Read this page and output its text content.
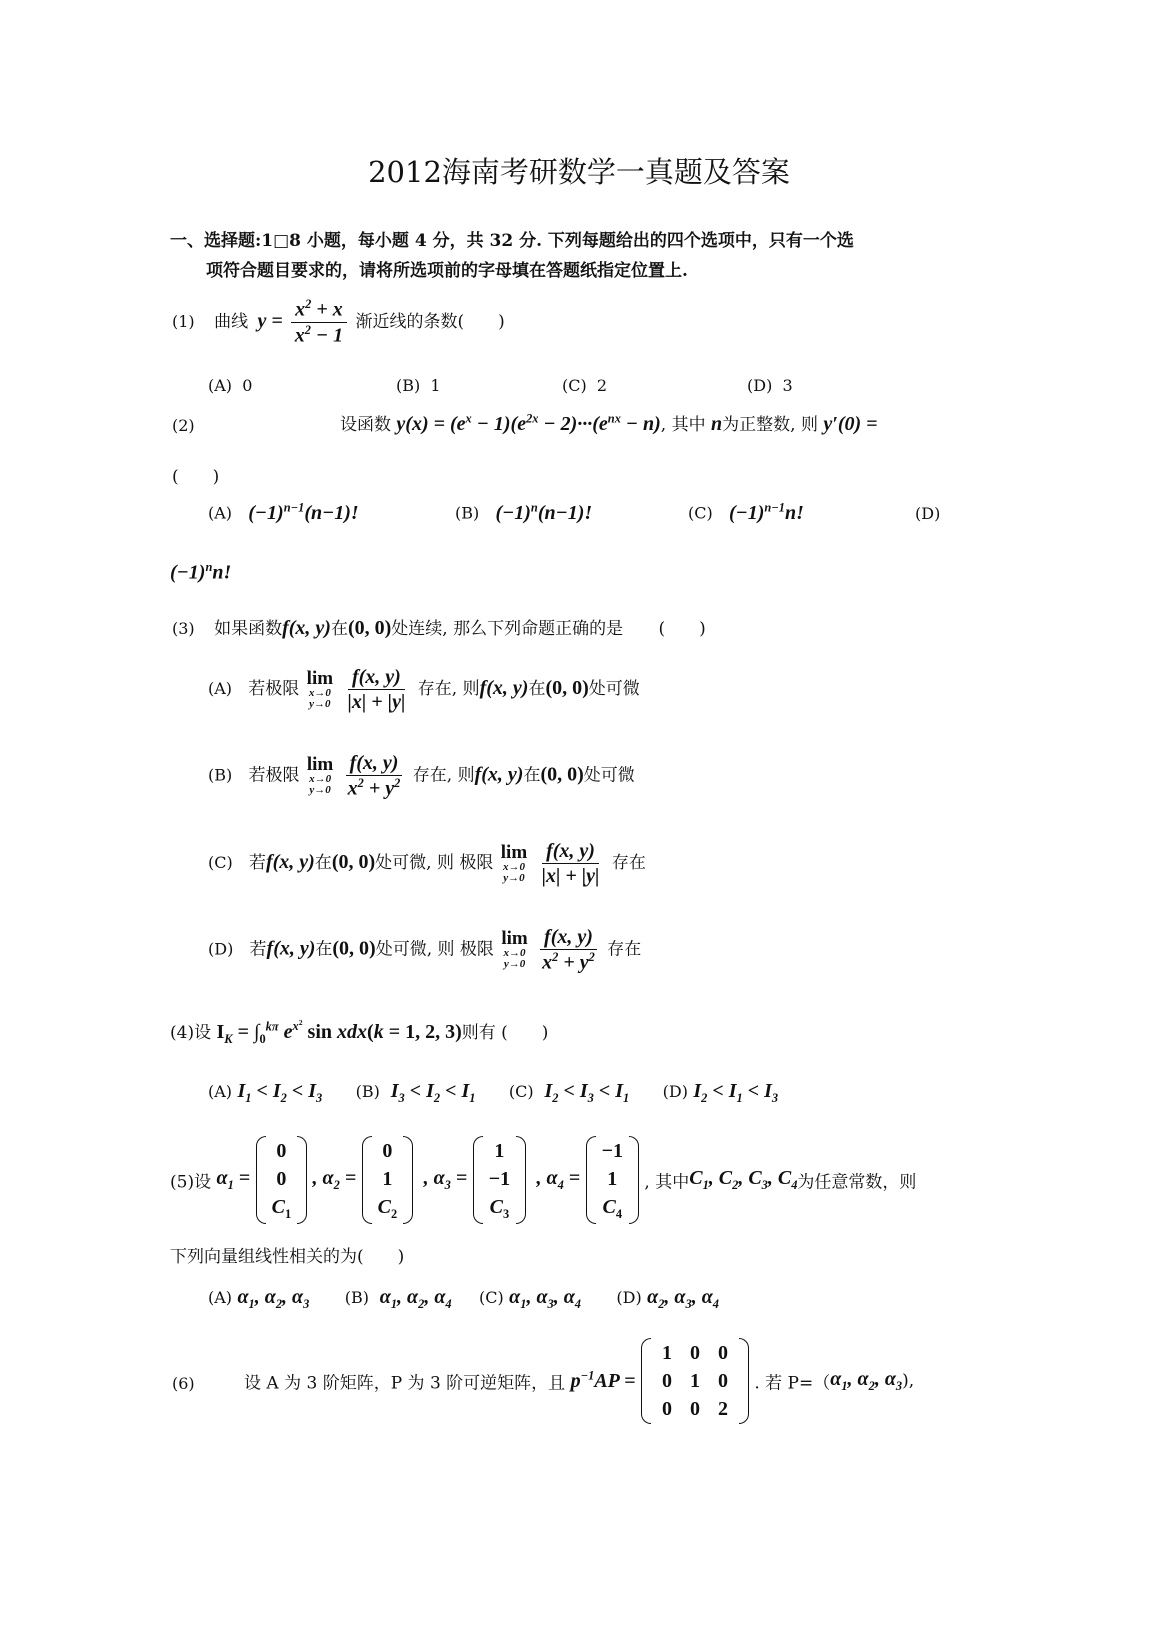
2012海南考研数学一真题及答案
一、选择题:1□8 小题，每小题 4 分，共 32 分. 下列每题给出的四个选项中，只有一个选
项符合题目要求的，请将所选项前的字母填在答题纸指定位置上.
(1) 曲线 $y = \frac{x^2 + x}{x^2 - 1}$ 渐近线的条数(　　)
(A) 0	(B) 1	(C) 2	(D) 3
(2)	设函数 $y(x) = (e^x - 1)(e^{2x} - 2)\cdot\cdot\cdot(e^{nx} - n)$, 其中 n为正整数, 则 y′(0) =
(　　)
(A) $(-1)^{n-1}(n-1)$!	(B) $(-1)^n(n-1)$!	(C) $(-1)^{n-1}n$!	(D)
$(-1)^nn$!
(3) 如果函数f(x, y)在(0, 0)处连续, 那么下列命题正确的是 (　　)
(A) 若极限 lim
x→0
y→0
$\frac{f(x, y)}{|x| + |y|}$ 存在, 则f(x, y)在(0, 0)处可微
(B) 若极限 lim
x→0
y→0
$\frac{f(x, y)}{x^2 + y^2}$ 存在, 则f(x, y)在(0, 0)处可微
(C) 若f(x, y)在(0, 0)处可微, 则 极限 lim
x→0
y→0
$\frac{f(x, y)}{|x| + |y|}$ 存在
(D) 若f(x, y)在(0, 0)处可微, 则 极限 lim
x→0
y→0
$\frac{f(x, y)}{x^2 + y^2}$ 存在
(4)设 $I_K = \int_0^{k\pi}$ $e^{x^2}$ sin xdx(k = 1, 2, 3)则有 (　　)
(A) $I_1 < I_2 < I_3$ (B) $I_3 < I_2 < I_1$ (C) $I_2 < I_3 < I_1$ (D) $I_2 < I_1 < I_3$
(5)设 $\alpha_1$ =
0
0
$C_1$
, $\alpha_2$ =
0
1
$C_2$
, $\alpha_3$ =
1
−1
$C_3$
, $\alpha_4$ =
−1
1
$C_4$
, 其中$C_1$, $C_2$, $C_3$, $C_4$为任意常数，则
下列向量组线性相关的为(　　)
(A) $\alpha_1$, $\alpha_2$, $\alpha_3$ (B) $\alpha_1$, $\alpha_2$, $\alpha_4$ (C) $\alpha_1$, $\alpha_3$, $\alpha_4$ (D) $\alpha_2$, $\alpha_3$, $\alpha_4$
(6)	设 A 为 3 阶矩阵，P 为 3 阶可逆矩阵，且 $p^{-1}AP$ =
1 0 0
0 1 0
0 0 2
. 若 $P=(\alpha_1$, $\alpha_2$, $\alpha_3$),
